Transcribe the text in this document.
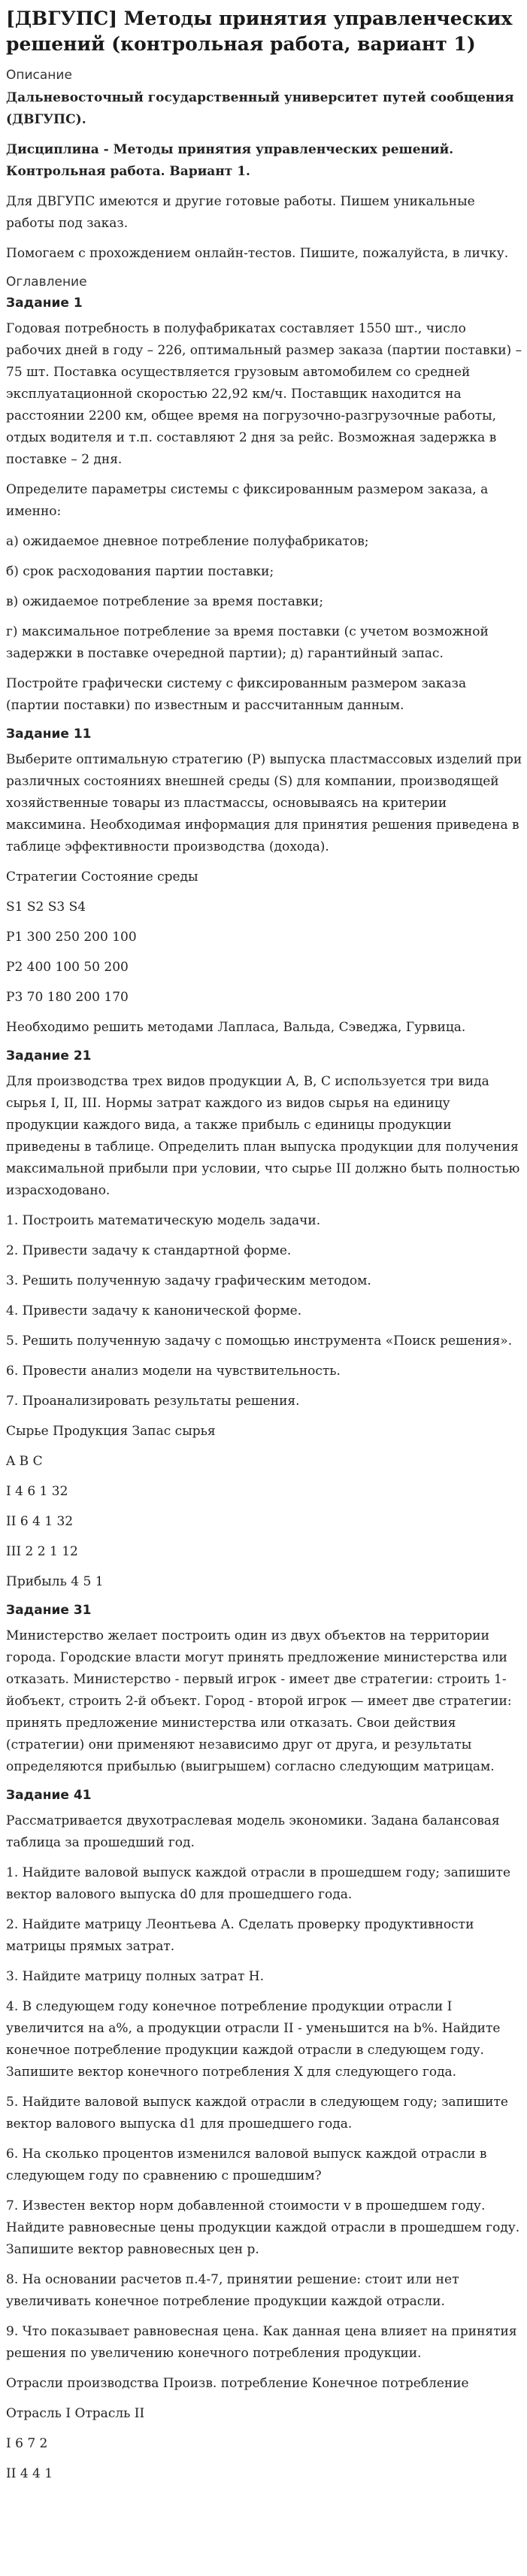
[ДВГУПС] Методы принятия управленческих решений (контрольная работа, вариант 1)
Описание

Дальневосточный государственный университет путей сообщения (ДВГУПС).

Дисциплина - Методы принятия управленческих решений. Контрольная работа. Вариант 1.

Для ДВГУПС имеются и другие готовые работы. Пишем уникальные работы под заказ.

Помогаем с прохождением онлайн-тестов. Пишите, пожалуйста, в личку.

Оглавление
Задание 1

Годовая потребность в полуфабрикатах составляет 1550 шт., число рабочих дней в году – 226, оптимальный размер заказа (партии поставки) – 75 шт. Поставка осуществляется грузовым автомобилем со средней эксплуатационной скоростью 22,92 км/ч. Поставщик находится на расстоянии 2200 км, общее время на погрузочно-разгрузочные работы, отдых водителя и т.п. составляют 2 дня за рейс. Возможная задержка в поставке – 2 дня.

Определите параметры системы с фиксированным размером заказа, а именно:

а) ожидаемое дневное потребление полуфабрикатов;

б) срок расходования партии поставки;

в) ожидаемое потребление за время поставки;

г) максимальное потребление за время поставки (с учетом возможной задержки в поставке очередной партии); д) гарантийный запас.

Постройте графически систему с фиксированным размером заказа (партии поставки) по известным и рассчитанным данным.

Задание 11

Выберите оптимальную стратегию (P) выпуска пластмассовых изделий при различных состояниях внешней среды (S) для компании, производящей хозяйственные товары из пластмассы, основываясь на критерии максимина. Необходимая информация для принятия решения приведена в таблице эффективности производства (дохода).

Стратегии Состояние среды

S1 S2 S3 S4

P1 300 250 200 100

P2 400 100 50 200

P3 70 180 200 170

Необходимо решить методами Лапласа, Вальда, Сэведжа, Гурвица.

Задание 21

Для производства трех видов продукции A, B, C используется три вида сырья I, II, III. Нормы затрат каждого из видов сырья на единицу продукции каждого вида, а также прибыль с единицы продукции приведены в таблице. Определить план выпуска продукции для получения максимальной прибыли при условии, что сырье III должно быть полностью израсходовано.

1. Построить математическую модель задачи.

2. Привести задачу к стандартной форме.

3. Решить полученную задачу графическим методом.

4. Привести задачу к канонической форме.

5. Решить полученную задачу с помощью инструмента «Поиск решения».

6. Провести анализ модели на чувствительность.

7. Проанализировать результаты решения.

Сырье Продукция Запас сырья

A B C

I 4 6 1 32

II 6 4 1 32

III 2 2 1 12

Прибыль 4 5 1

Задание 31

Министерство желает построить один из двух объектов на территории города. Городские власти могут принять предложение министерства или отказать. Министерство - первый игрок - имеет две стратегии: строить 1-йобъект, строить 2-й объект. Город - второй игрок — имеет две стратегии: принять предложение министерства или отказать. Свои действия (стратегии) они применяют независимо друг от друга, и результаты определяются прибылью (выигрышем) согласно следующим матрицам.

Задание 41

Рассматривается двухотраслевая модель экономики. Задана балансовая таблица за прошедший год.

1. Найдите валовой выпуск каждой отрасли в прошедшем году; запишите вектор валового выпуска d0 для прошедшего года.

2. Найдите матрицу Леонтьева А. Сделать проверку продуктивности матрицы прямых затрат.

3. Найдите матрицу полных затрат H.

4. В следующем году конечное потребление продукции отрасли I увеличится на a%, а продукции отрасли II - уменьшится на b%. Найдите конечное потребление продукции каждой отрасли в следующем году. Запишите вектор конечного потребления X для следующего года.

5. Найдите валовой выпуск каждой отрасли в следующем году; запишите вектор валового выпуска d1 для прошедшего года.

6. На сколько процентов изменился валовой выпуск каждой отрасли в следующем году по сравнению с прошедшим?

7. Известен вектор норм добавленной стоимости v в прошедшем году. Найдите равновесные цены продукции каждой отрасли в прошедшем году. Запишите вектор равновесных цен p.

8. На основании расчетов п.4-7, принятии решение: стоит или нет увеличивать конечное потребление продукции каждой отрасли.

9. Что показывает равновесная цена. Как данная цена влияет на принятия решения по увеличению конечного потребления продукции.

Отрасли производства Произв. потребление Конечное потребление

Отрасль I Отрасль II

I 6 7 2

II 4 4 1
